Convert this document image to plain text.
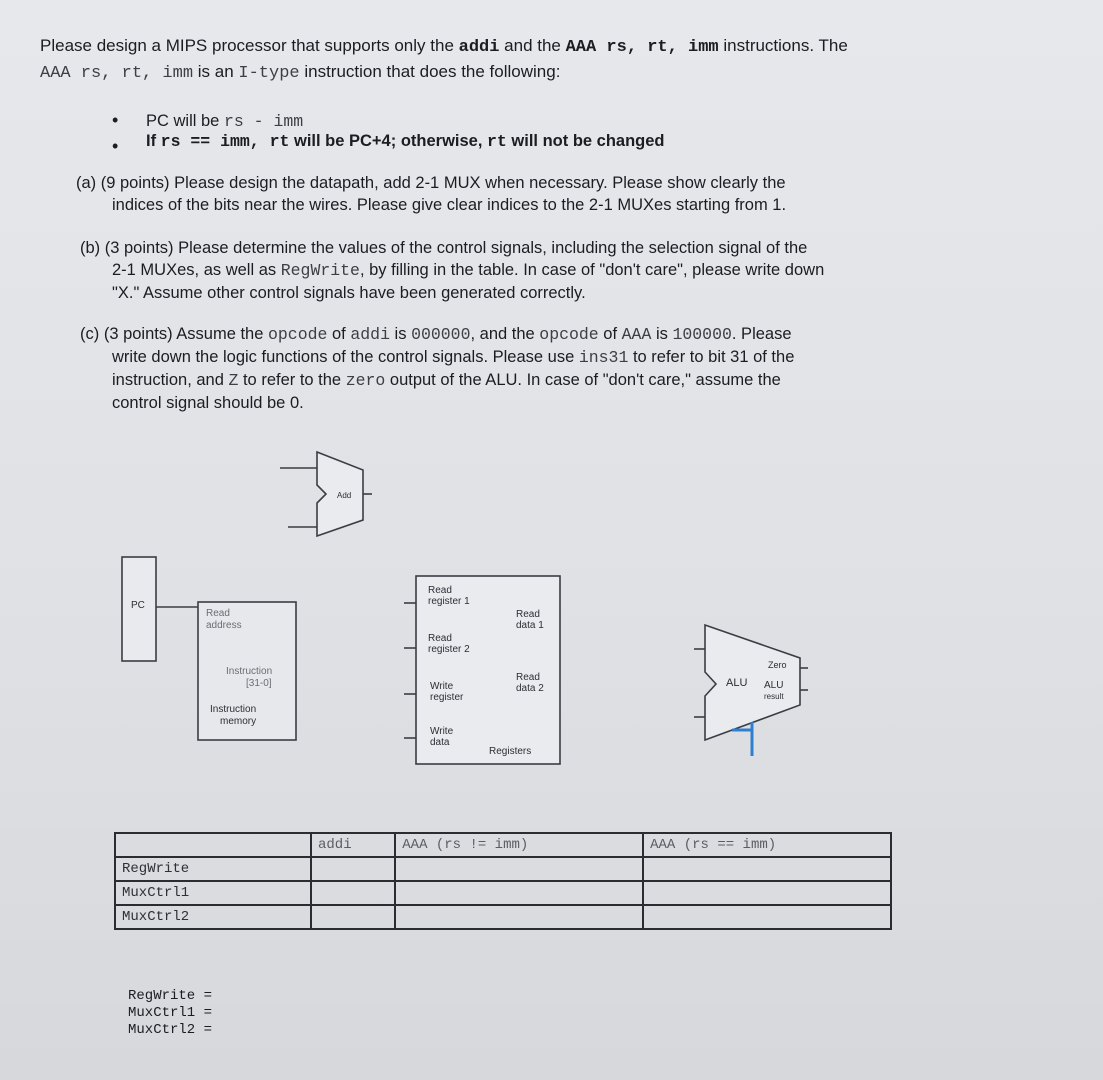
Please design a MIPS processor that supports only the addi and the AAA rs, rt, imm instructions. The
AAA rs, rt, imm is an I-type instruction that does the following:
• PC will be rs - imm
• If rs == imm, rt will be PC+4; otherwise, rt will not be changed
(a) (9 points) Please design the datapath, add 2-1 MUX when necessary. Please show clearly the
indices of the bits near the wires. Please give clear indices to the 2-1 MUXes starting from 1.
(b) (3 points) Please determine the values of the control signals, including the selection signal of the
2-1 MUXes, as well as RegWrite, by filling in the table. In case of "don't care", please write down
"X." Assume other control signals have been generated correctly.
(c) (3 points) Assume the opcode of addi is 000000, and the opcode of AAA is 100000. Please
write down the logic functions of the control signals. Please use ins31 to refer to bit 31 of the
instruction, and Z to refer to the zero output of the ALU. In case of "don't care," assume the
control signal should be 0.
Add
PC
Read
address
Instruction
[31-0]
Instruction
memory
Read
register 1
Read
data 1
Read
register 2
Write
register
Read
data 2
Write
data
Registers
ALU
Zero
ALU
result
	addi	AAA (rs != imm)	AAA (rs == imm)
RegWrite			
MuxCtrl1			
MuxCtrl2			
RegWrite =
MuxCtrl1 =
MuxCtrl2 =
